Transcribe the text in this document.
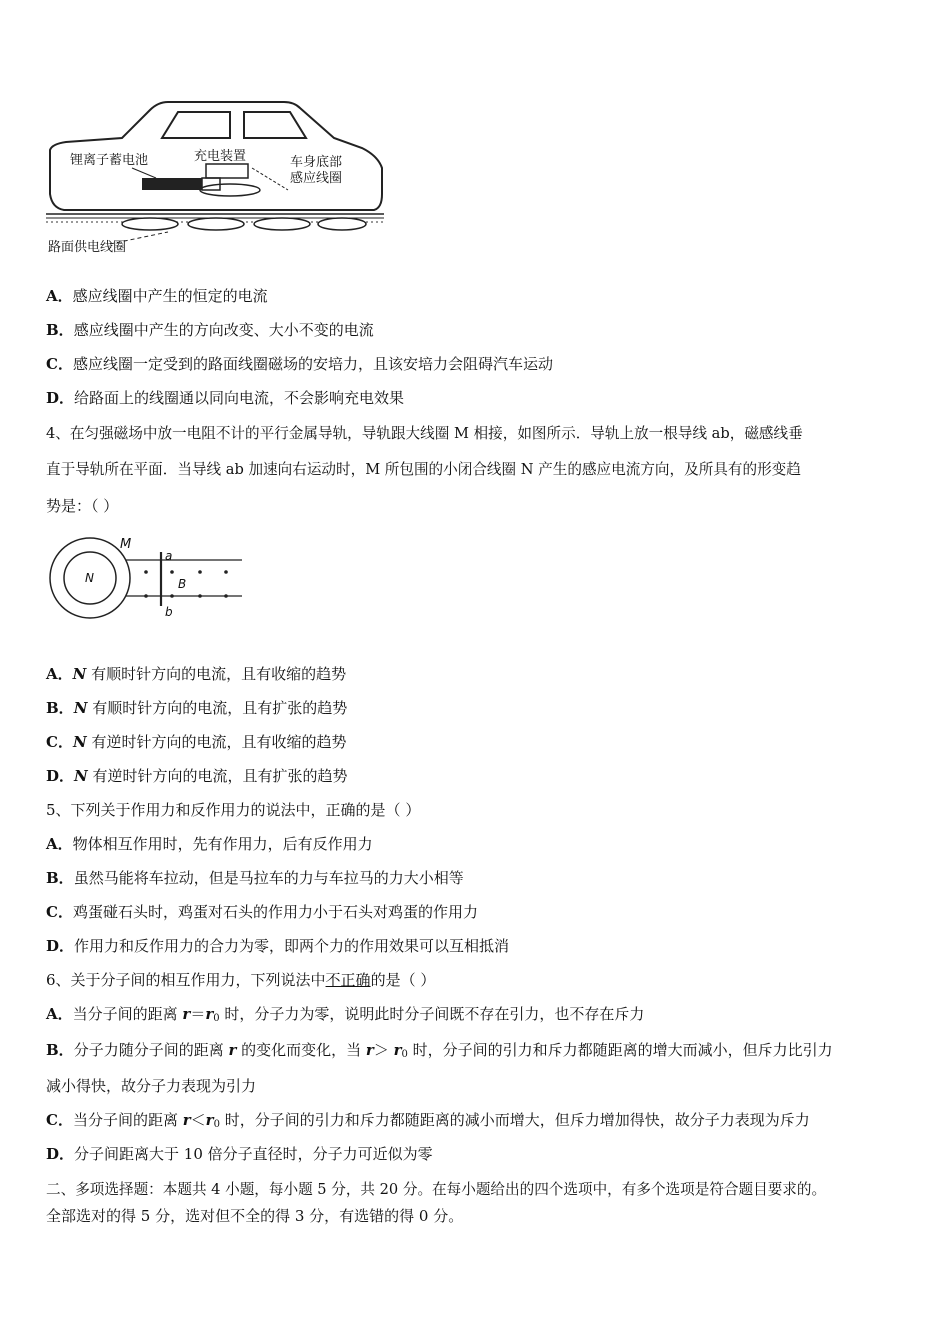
锂离子蓄电池	充电装置	车身底部
感应线圈
路面供电线圈
A．感应线圈中产生的恒定的电流
B．感应线圈中产生的方向改变、大小不变的电流
C．感应线圈一定受到的路面线圈磁场的安培力，且该安培力会阻碍汽车运动
D．给路面上的线圈通以同向电流，不会影响充电效果
4、在匀强磁场中放一电阻不计的平行金属导轨，导轨跟大线圈 M 相接，如图所示．导轨上放一根导线 ab，磁感线垂
直于导轨所在平面．当导线 ab 加速向右运动时，M 所包围的小闭合线圈 N 产生的感应电流方向，及所具有的形变趋
势是：（ ）
M
N
a
b
B
A．N 有顺时针方向的电流，且有收缩的趋势
B．N 有顺时针方向的电流，且有扩张的趋势
C．N 有逆时针方向的电流，且有收缩的趋势
D．N 有逆时针方向的电流，且有扩张的趋势
5、下列关于作用力和反作用力的说法中，正确的是（ ）
A．物体相互作用时，先有作用力，后有反作用力
B．虽然马能将车拉动，但是马拉车的力与车拉马的力大小相等
C．鸡蛋碰石头时，鸡蛋对石头的作用力小于石头对鸡蛋的作用力
D．作用力和反作用力的合力为零，即两个力的作用效果可以互相抵消
6、关于分子间的相互作用力，下列说法中不正确的是（ ）
A．当分子间的距离 $r=r_0$ 时，分子力为零，说明此时分子间既不存在引力，也不存在斥力
B．分子力随分子间的距离 r 的变化而变化，当 $r> r_0$ 时，分子间的引力和斥力都随距离的增大而减小，但斥力比引力
减小得快，故分子力表现为引力
C．当分子间的距离 $r<r_0$ 时，分子间的引力和斥力都随距离的减小而增大，但斥力增加得快，故分子力表现为斥力
D．分子间距离大于 10 倍分子直径时，分子力可近似为零
二、多项选择题：本题共 4 小题，每小题 5 分，共 20 分。在每小题给出的四个选项中，有多个选项是符合题目要求的。
全部选对的得 5 分，选对但不全的得 3 分，有选错的得 0 分。
